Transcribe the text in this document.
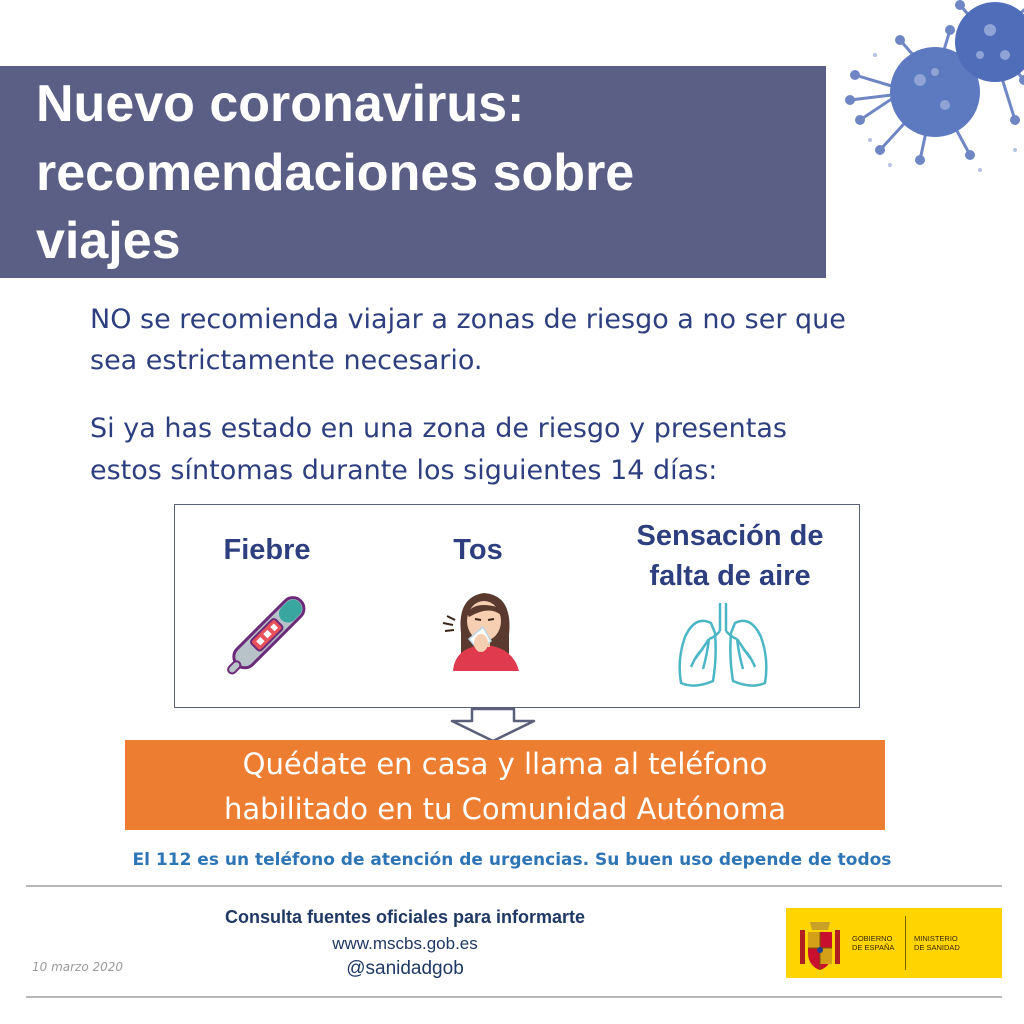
Nuevo coronavirus:
recomendaciones sobre
viajes
NO se recomienda viajar a zonas de riesgo a no ser que
sea estrictamente necesario.
Si ya has estado en una zona de riesgo y presentas
estos síntomas durante los siguientes 14 días:
Fiebre	Tos	Sensación de
falta de aire
Quédate en casa y llama al teléfono
habilitado en tu Comunidad Autónoma
El 112 es un teléfono de atención de urgencias. Su buen uso depende de todos
10 marzo 2020
Consulta fuentes oficiales para informarte
www.mscbs.gob.es
@sanidadgob
GOBIERNO
DE ESPAÑA
MINISTERIO
DE SANIDAD
